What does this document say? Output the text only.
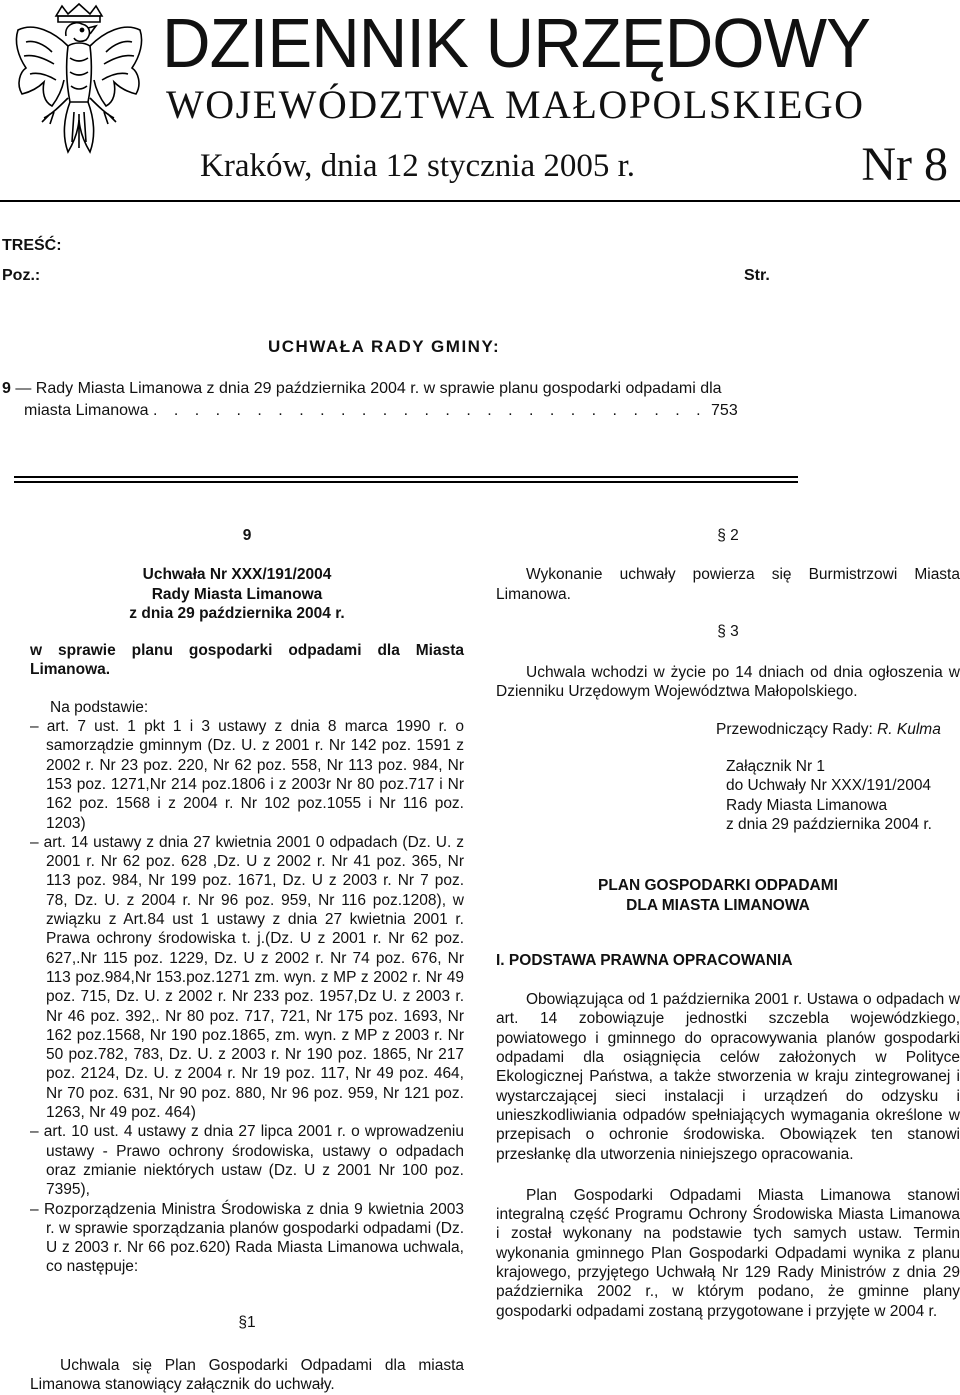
DZIENNIK URZĘDOWY
WOJEWÓDZTWA MAŁOPOLSKIEGO
Kraków, dnia 12 stycznia 2005 r.	Nr 8
TREŚĆ:
Poz.:	Str.
UCHWAŁA RADY GMINY:
9 — Rady Miasta Limanowa z dnia 29 października 2004 r. w sprawie planu gospodarki odpadami dla
miasta Limanowa . . . . . . . . . . . . . . . . . . . . . . . . . . . 753

9

Uchwała Nr XXX/191/2004

Rady Miasta Limanowa

z dnia 29 października 2004 r.

w sprawie planu gospodarki odpadami dla Miasta Limanowa.

Na podstawie:

– art. 7 ust. 1 pkt 1 i 3 ustawy z dnia 8 marca 1990 r. o samorządzie gminnym (Dz. U. z 2001 r. Nr 142 poz. 1591 z 2002 r. Nr 23 poz. 220, Nr 62 poz. 558, Nr 113 poz. 984, Nr 153 poz. 1271,Nr 214 poz.1806 i z 2003r Nr 80 poz.717 i Nr 162 poz. 1568 i z 2004 r. Nr 102 poz.1055 i Nr 116 poz. 1203)

– art. 14 ustawy z dnia 27 kwietnia 2001 0 odpadach (Dz. U. z 2001 r. Nr 62 poz. 628 ,Dz. U z 2002 r. Nr 41 poz. 365, Nr 113 poz. 984, Nr 199 poz. 1671, Dz. U z 2003 r. Nr 7 poz. 78, Dz. U. z 2004 r. Nr 96 poz. 959, Nr 116 poz.1208), w związku z Art.84 ust 1 ustawy z dnia 27 kwietnia 2001 r. Prawa ochrony środowiska t. j.(Dz. U z 2001 r. Nr 62 poz. 627,.Nr 115 poz. 1229, Dz. U z 2002 r. Nr 74 poz. 676, Nr 113 poz.984,Nr 153.poz.1271 zm. wyn. z MP z 2002 r. Nr 49 poz. 715, Dz. U. z 2002 r. Nr 233 poz. 1957,Dz U. z 2003 r. Nr 46 poz. 392,. Nr 80 poz. 717, 721, Nr 175 poz. 1693, Nr 162 poz.1568, Nr 190 poz.1865, zm. wyn. z MP z 2003 r. Nr 50 poz.782, 783, Dz. U. z 2003 r. Nr 190 poz. 1865, Nr 217 poz. 2124, Dz. U. z 2004 r. Nr 19 poz. 117, Nr 49 poz. 464, Nr 70 poz. 631, Nr 90 poz. 880, Nr 96 poz. 959, Nr 121 poz. 1263, Nr 49 poz. 464)

– art. 10 ust. 4 ustawy z dnia 27 lipca 2001 r. o wprowadzeniu ustawy - Prawo ochrony środowiska, ustawy o odpadach oraz zmianie niektórych ustaw (Dz. U z 2001 Nr 100 poz. 7395),

– Rozporządzenia Ministra Środowiska z dnia 9 kwietnia 2003 r. w sprawie sporządzania planów gospodarki odpadami (Dz. U z 2003 r. Nr 66 poz.620) Rada Miasta Limanowa uchwala, co następuje:

§1

Uchwala się Plan Gospodarki Odpadami dla miasta Limanowa stanowiący załącznik do uchwały.

§ 2

Wykonanie uchwały powierza się Burmistrzowi Miasta Limanowa.

§ 3

Uchwala wchodzi w życie po 14 dniach od dnia ogłoszenia w Dzienniku Urzędowym Województwa Małopolskiego.

Przewodniczący Rady: R. Kulma

Załącznik Nr 1

do Uchwały Nr XXX/191/2004

Rady Miasta Limanowa

z dnia 29 października 2004 r.

PLAN GOSPODARKI ODPADAMI

DLA MIASTA LIMANOWA

I. PODSTAWA PRAWNA OPRACOWANIA

Obowiązująca od 1 października 2001 r. Ustawa o odpadach w art. 14 zobowiązuje jednostki szczebla wojewódzkiego, powiatowego i gminnego do opracowywania planów gospodarki odpadami dla osiągnięcia celów założonych w Polityce Ekologicznej Państwa, a także stworzenia w kraju zintegrowanej i wystarczającej sieci instalacji i urządzeń do odzysku i unieszkodliwiania odpadów spełniających wymagania określone w przepisach o ochronie środowiska. Obowiązek ten stanowi przesłankę dla utworzenia niniejszego opracowania.

Plan Gospodarki Odpadami Miasta Limanowa stanowi integralną część Programu Ochrony Środowiska Miasta Limanowa i został wykonany na podstawie tych samych ustaw. Termin wykonania gminnego Plan Gospodarki Odpadami wynika z planu krajowego, przyjętego Uchwałą Nr 129 Rady Ministrów z dnia 29 października 2002 r., w którym podano, że gminne plany gospodarki odpadami zostaną przygotowane i przyjęte w 2004 r.
